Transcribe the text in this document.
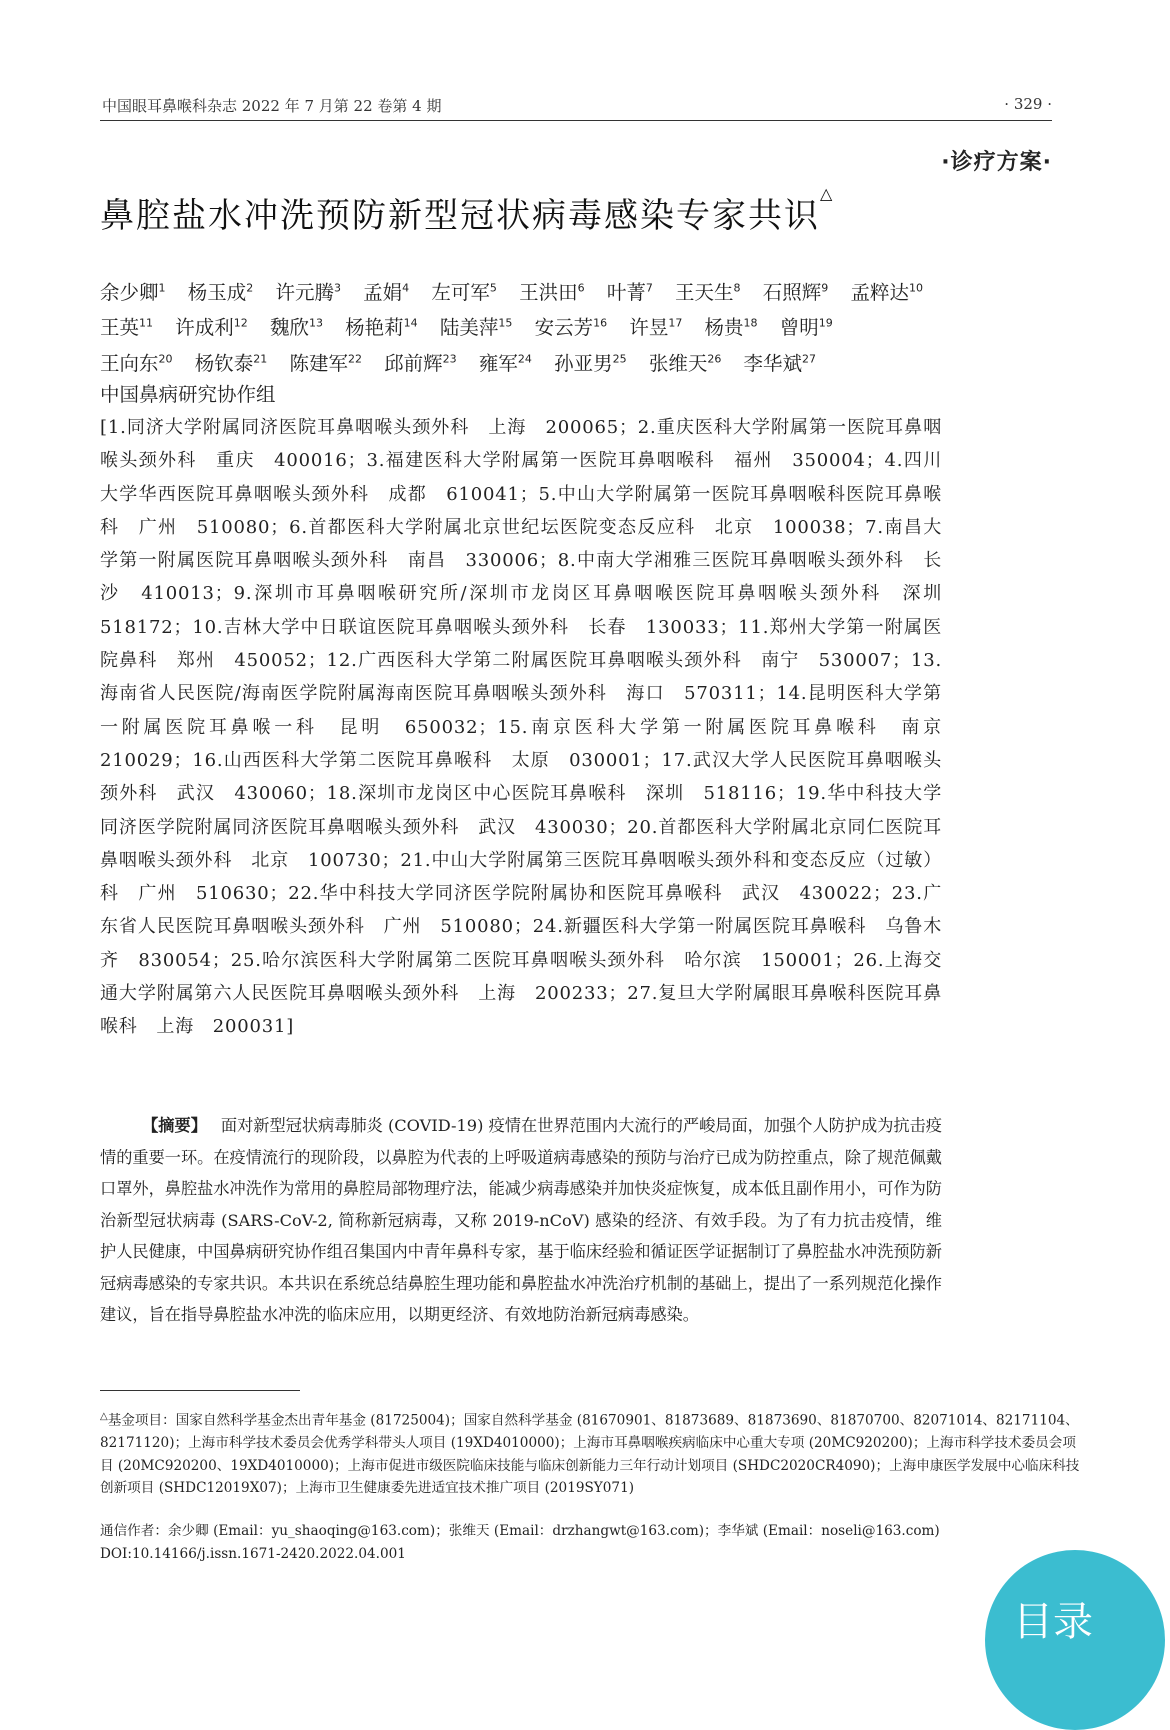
中国眼耳鼻喉科杂志 2022 年 7 月第 22 卷第 4 期	· 329 ·
·诊疗方案·
鼻腔盐水冲洗预防新型冠状病毒感染专家共识△
余少卿$^1$ 杨玉成$^2$ 许元腾$^3$ 孟娟$^4$ 左可军$^5$ 王洪田$^6$ 叶菁$^7$ 王天生$^8$ 石照辉$^9$ 孟粹达$^{10}$ 王英$^{11}$ 许成利$^{12}$ 魏欣$^{13}$ 杨艳莉$^{14}$ 陆美萍$^{15}$ 安云芳$^{16}$ 许昱$^{17}$ 杨贵$^{18}$ 曾明$^{19}$ 王向东$^{20}$ 杨钦泰$^{21}$ 陈建军$^{22}$ 邱前辉$^{23}$ 雍军$^{24}$ 孙亚男$^{25}$ 张维天$^{26}$ 李华斌$^{27}$ 中国鼻病研究协作组
[1.同济大学附属同济医院耳鼻咽喉头颈外科　上海　200065；2.重庆医科大学附属第一医院耳鼻咽喉头颈外科　重庆　400016；3.福建医科大学附属第一医院耳鼻咽喉科　福州　350004；4.四川大学华西医院耳鼻咽喉头颈外科　成都　610041；5.中山大学附属第一医院耳鼻咽喉科医院耳鼻喉科　广州　510080；6.首都医科大学附属北京世纪坛医院变态反应科　北京　100038；7.南昌大学第一附属医院耳鼻咽喉头颈外科　南昌　330006；8.中南大学湘雅三医院耳鼻咽喉头颈外科　长沙　410013；9.深圳市耳鼻咽喉研究所/深圳市龙岗区耳鼻咽喉医院耳鼻咽喉头颈外科　深圳　518172；10.吉林大学中日联谊医院耳鼻咽喉头颈外科　长春　130033；11.郑州大学第一附属医院鼻科　郑州　450052；12.广西医科大学第二附属医院耳鼻咽喉头颈外科　南宁　530007；13.海南省人民医院/海南医学院附属海南医院耳鼻咽喉头颈外科　海口　570311；14.昆明医科大学第一附属医院耳鼻喉一科　昆明　650032；15.南京医科大学第一附属医院耳鼻喉科　南京　210029；16.山西医科大学第二医院耳鼻喉科　太原　030001；17.武汉大学人民医院耳鼻咽喉头颈外科　武汉　430060；18.深圳市龙岗区中心医院耳鼻喉科　深圳　518116；19.华中科技大学同济医学院附属同济医院耳鼻咽喉头颈外科　武汉　430030；20.首都医科大学附属北京同仁医院耳鼻咽喉头颈外科　北京　100730；21.中山大学附属第三医院耳鼻咽喉头颈外科和变态反应（过敏）科　广州　510630；22.华中科技大学同济医学院附属协和医院耳鼻喉科　武汉　430022；23.广东省人民医院耳鼻咽喉头颈外科　广州　510080；24.新疆医科大学第一附属医院耳鼻喉科　乌鲁木齐　830054；25.哈尔滨医科大学附属第二医院耳鼻咽喉头颈外科　哈尔滨　150001；26.上海交通大学附属第六人民医院耳鼻咽喉头颈外科　上海　200233；27.复旦大学附属眼耳鼻喉科医院耳鼻喉科　上海　200031]
【摘要】 面对新型冠状病毒肺炎 (COVID-19) 疫情在世界范围内大流行的严峻局面，加强个人防护成为抗击疫情的重要一环。在疫情流行的现阶段，以鼻腔为代表的上呼吸道病毒感染的预防与治疗已成为防控重点，除了规范佩戴口罩外，鼻腔盐水冲洗作为常用的鼻腔局部物理疗法，能减少病毒感染并加快炎症恢复，成本低且副作用小，可作为防治新型冠状病毒 (SARS-CoV-2, 简称新冠病毒，又称 2019-nCoV) 感染的经济、有效手段。为了有力抗击疫情，维护人民健康，中国鼻病研究协作组召集国内中青年鼻科专家，基于临床经验和循证医学证据制订了鼻腔盐水冲洗预防新冠病毒感染的专家共识。本共识在系统总结鼻腔生理功能和鼻腔盐水冲洗治疗机制的基础上，提出了一系列规范化操作建议，旨在指导鼻腔盐水冲洗的临床应用，以期更经济、有效地防治新冠病毒感染。
△基金项目：国家自然科学基金杰出青年基金 (81725004)；国家自然科学基金 (81670901、81873689、81873690、81870700、82071014、82171104、82171120)；上海市科学技术委员会优秀学科带头人项目 (19XD4010000)；上海市耳鼻咽喉疾病临床中心重大专项 (20MC920200)；上海市科学技术委员会项目 (20MC920200、19XD4010000)；上海市促进市级医院临床技能与临床创新能力三年行动计划项目 (SHDC2020CR4090)；上海申康医学发展中心临床科技创新项目 (SHDC12019X07)；上海市卫生健康委先进适宜技术推广项目 (2019SY071)
通信作者：余少卿 (Email：yu_shaoqing@163.com)；张维天 (Email：drzhangwt@163.com)；李华斌 (Email：noseli@163.com)
DOI:10.14166/j.issn.1671-2420.2022.04.001
目录
